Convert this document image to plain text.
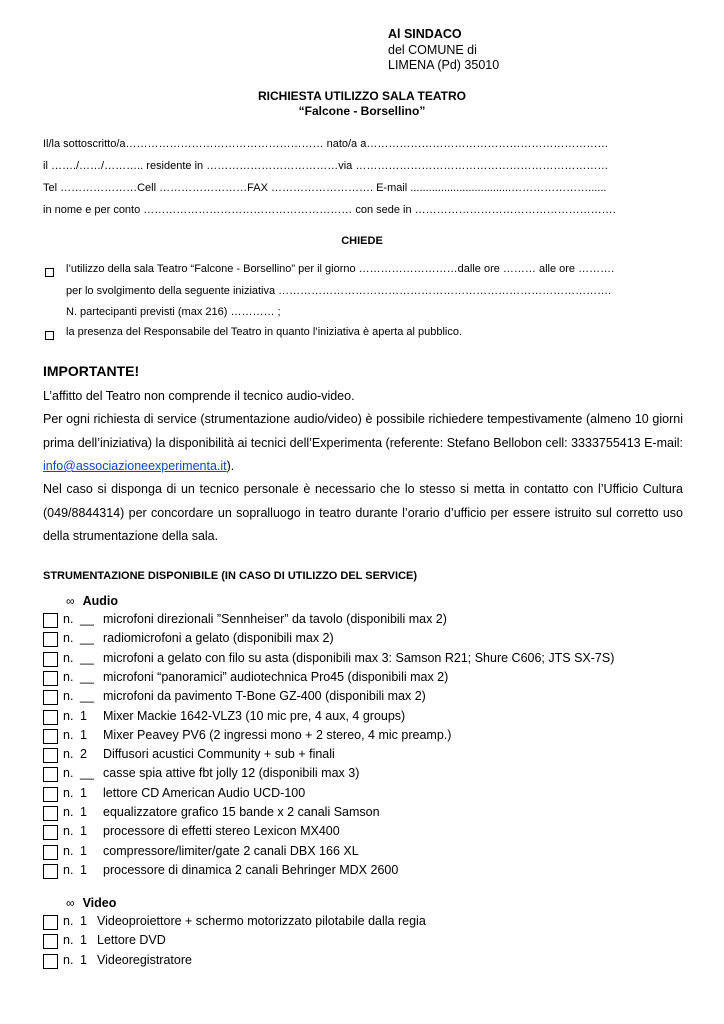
Al SINDACO
del COMUNE di
LIMENA (Pd) 35010
RICHIESTA UTILIZZO SALA TEATRO
“Falcone - Borsellino”
Il/la sottoscritto/a……………………………………………… nato/a a…………………………………………………………
il ……./……/……….. residente in ………………………………via ……………………………………………………………
Tel …………………Cell ……………………FAX ………………………. E-mail .................................…………………......
in nome e per conto ………………………………………………… con sede in ……………………………………………….
CHIEDE
l’utilizzo della sala Teatro “Falcone - Borsellino” per il giorno ………………………dalle ore ……… alle ore ……….
per lo svolgimento della seguente iniziativa ……………………………………………………………………………….
N. partecipanti previsti (max 216) ………… ;
la presenza del Responsabile del Teatro in quanto l’iniziativa è aperta al pubblico.
IMPORTANTE!
L’affitto del Teatro non comprende il tecnico audio-video.
Per ogni richiesta di service (strumentazione audio/video) è possibile richiedere tempestivamente (almeno 10 giorni prima dell’iniziativa) la disponibilità ai tecnici dell’Experimenta (referente: Stefano Bellobon cell: 3333755413 E-mail: info@associazioneexperimenta.it).
Nel caso si disponga di un tecnico personale è necessario che lo stesso si metta in contatto con l’Ufficio Cultura (049/8844314) per concordare un sopralluogo in teatro durante l’orario d’ufficio per essere istruito sul corretto uso della strumentazione della sala.
STRUMENTAZIONE DISPONIBILE (IN CASO DI UTILIZZO DEL SERVICE)
∞ Audio
n. __ microfoni direzionali ”Sennheiser” da tavolo (disponibili max 2)
n. __ radiomicrofoni a gelato (disponibili max 2)
n. __ microfoni a gelato con filo su asta (disponibili max 3: Samson R21; Shure C606; JTS SX-7S)
n. __ microfoni “panoramici” audiotechnica Pro45 (disponibili max 2)
n. __ microfoni da pavimento T-Bone GZ-400 (disponibili max 2)
n. 1	Mixer Mackie 1642-VLZ3 (10 mic pre, 4 aux, 4 groups)
n. 1	Mixer Peavey PV6 (2 ingressi mono + 2 stereo, 4 mic preamp.)
n. 2	Diffusori acustici Community + sub + finali
n. __ casse spia attive fbt jolly 12 (disponibili max 3)
n. 1	lettore CD American Audio UCD-100
n. 1	equalizzatore grafico 15 bande x 2 canali Samson
n. 1	processore di effetti stereo Lexicon MX400
n. 1	compressore/limiter/gate 2 canali DBX 166 XL
n. 1	processore di dinamica 2 canali Behringer MDX 2600
∞ Video
n. 1 Videoproiettore + schermo motorizzato pilotabile dalla regia
n. 1 Lettore DVD
n. 1 Videoregistratore
